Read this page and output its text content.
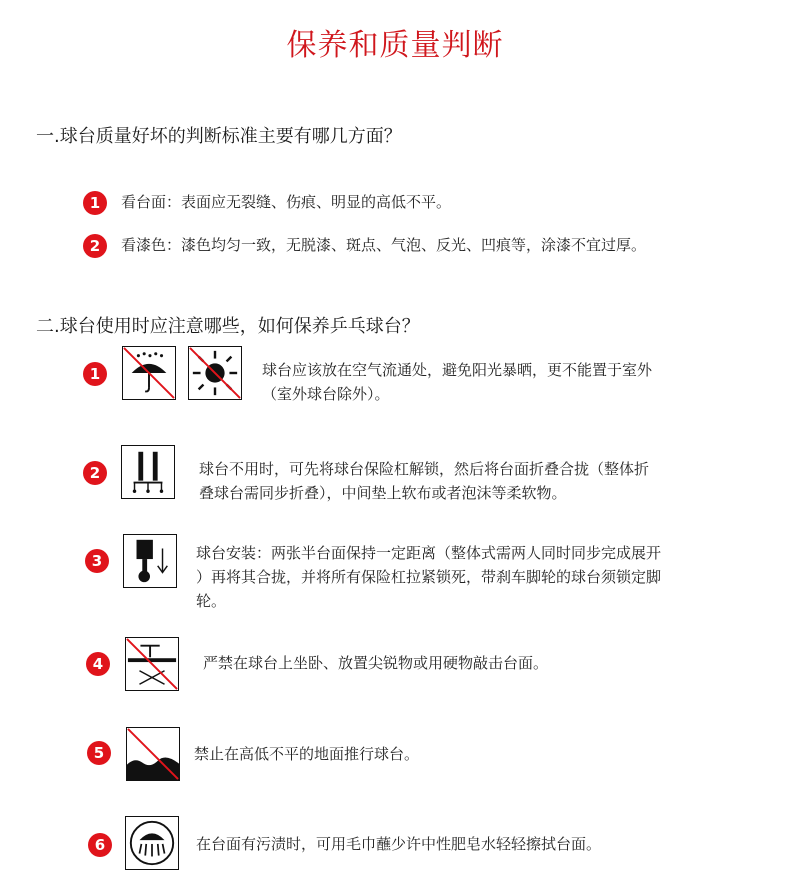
保养和质量判断
一.球台质量好坏的判断标准主要有哪几方面？
1	看台面：表面应无裂缝、伤痕、明显的高低不平。
2	看漆色：漆色均匀一致，无脱漆、斑点、气泡、反光、凹痕等，涂漆不宜过厚。
二.球台使用时应注意哪些，如何保养乒乓球台？
1	球台应该放在空气流通处，避免阳光暴晒，更不能置于室外
（室外球台除外）。
2	球台不用时，可先将球台保险杠解锁，然后将台面折叠合拢（整体折
叠球台需同步折叠），中间垫上软布或者泡沫等柔软物。
3	球台安装：两张半台面保持一定距离（整体式需两人同时同步完成展开
）再将其合拢，并将所有保险杠拉紧锁死，带刹车脚轮的球台须锁定脚
轮。
4	严禁在球台上坐卧、放置尖锐物或用硬物敲击台面。
5	禁止在高低不平的地面推行球台。
6	在台面有污渍时，可用毛巾蘸少许中性肥皂水轻轻擦拭台面。
